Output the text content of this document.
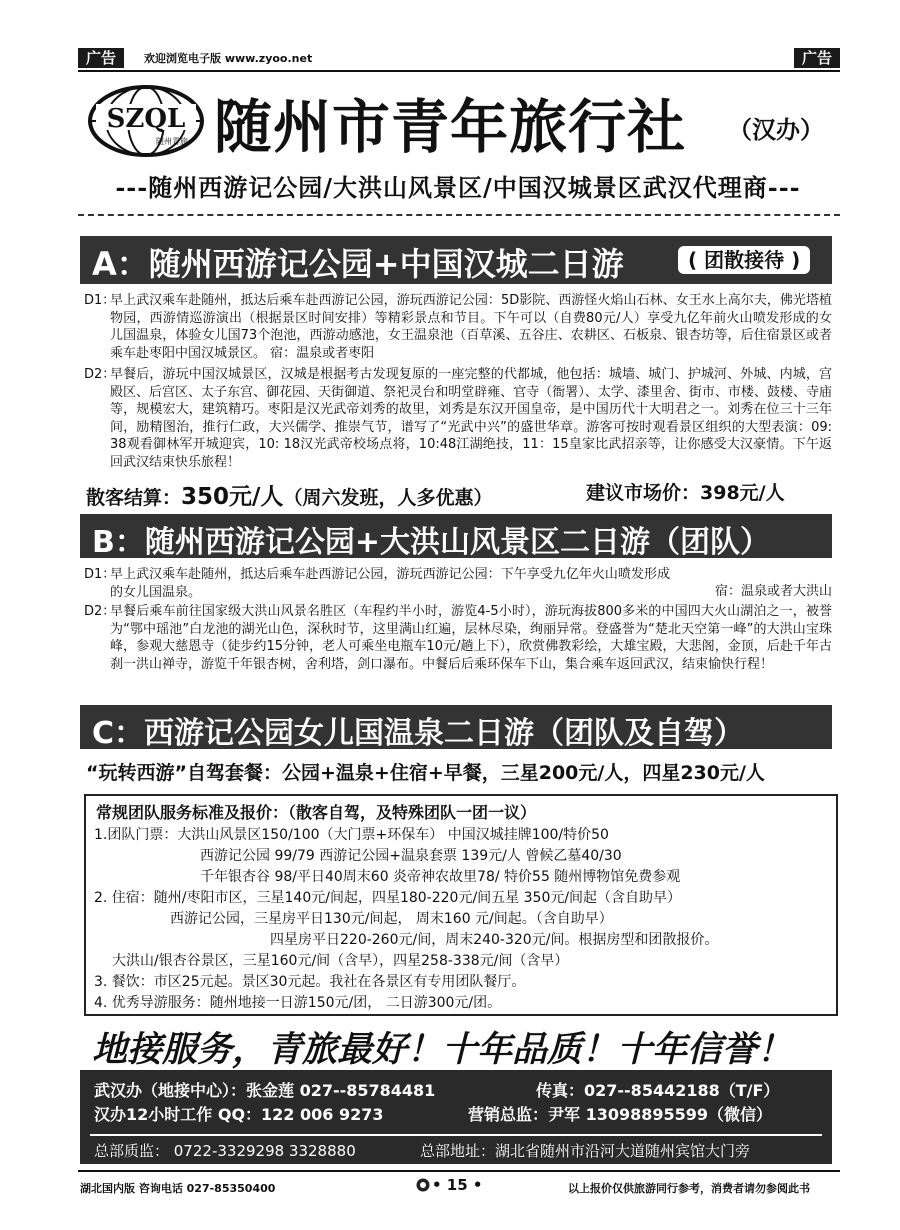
广告	欢迎浏览电子版 www.zyoo.net	广告
SZQL
随州青旅 随州市青年旅行社 （汉办）
---随州西游记公园/大洪山风景区/中国汉城景区武汉代理商---
A：随州西游记公园+中国汉城二日游	( 团散接待 )
D1：
早上武汉乘车赴随州，抵达后乘车赴西游记公园，游玩西游记公园：5D影院、西游怪火焰山石林、女王水上高尔夫，佛光塔植物园，西游情巡游演出（根据景区时间安排）等精彩景点和节目。下午可以（自费80元/人）享受九亿年前火山喷发形成的女儿国温泉，体验女儿国73个泡池，西游动感池，女王温泉池（百草溪、五谷庄、农耕区、石板泉、银杏坊等，后住宿景区或者乘车赴枣阳中国汉城景区。 宿：温泉或者枣阳
D2：
早餐后，游玩中国汉城景区，汉城是根据考古发现复原的一座完整的代都城，他包括：城墙、城门、护城河、外城、内城，宫殿区、后宫区、太子东宫、御花园、天街御道、祭祀灵台和明堂辟雍、官寺（衙署）、太学、漆里舍、街市、市楼、鼓楼、寺庙等，规模宏大，建筑精巧。枣阳是汉光武帝刘秀的故里，刘秀是东汉开国皇帝，是中国历代十大明君之一。刘秀在位三十三年间，励精图治，推行仁政，大兴儒学、推崇气节，谱写了“光武中兴”的盛世华章。游客可按时观看景区组织的大型表演：09: 38观看御林军开城迎宾，10: 18汉光武帝校场点将，10:48江湖绝技，11：15皇家比武招亲等，让你感受大汉豪情。下午返回武汉结束快乐旅程！
散客结算：350元/人（周六发班，人多优惠）	建议市场价：398元/人
B：随州西游记公园+大洪山风景区二日游（团队）
D1：
早上武汉乘车赴随州，抵达后乘车赴西游记公园，游玩西游记公园：下午享受九亿年火山喷发形成的女儿国温泉。	宿：温泉或者大洪山
D2：
早餐后乘车前往国家级大洪山风景名胜区（车程约半小时，游览4-5小时），游玩海拔800多米的中国四大火山湖泊之一，被誉为“鄂中瑶池”白龙池的湖光山色，深秋时节，这里满山红遍，层林尽染，绚丽异常。登盛誉为“楚北天空第一峰”的大洪山宝珠峰，参观大慈恩寺（徒步约15分钟，老人可乘坐电瓶车10元/趟上下），欣赏佛教彩绘，大雄宝殿，大悲阁，金顶，后赴千年古刹一洪山禅寺，游览千年银杏树，舍利塔，剑口瀑布。中餐后后乘环保车下山，集合乘车返回武汉，结束愉快行程！
C：西游记公园女儿国温泉二日游（团队及自驾）
“玩转西游”自驾套餐：公园+温泉+住宿+早餐，三星200元/人，四星230元/人
常规团队服务标准及报价：（散客自驾，及特殊团队一团一议）
1.团队门票：大洪山风景区150/100（大门票+环保车） 中国汉城挂牌100/特价50
西游记公园 99/79 西游记公园+温泉套票 139元/人 曾候乙墓40/30
千年银杏谷 98/平日40周末60 炎帝神农故里78/ 特价55 随州博物馆免费参观
2. 住宿：随州/枣阳市区，三星140元/间起，四星180-220元/间五星 350元/间起（含自助早）
西游记公园，三星房平日130元/间起， 周末160 元/间起。（含自助早）
四星房平日220-260元/间，周末240-320元/间。根据房型和团散报价。
大洪山/银杏谷景区，三星160元/间（含早），四星258-338元/间（含早）
3. 餐饮：市区25元起。景区30元起。我社在各景区有专用团队餐厅。
4. 优秀导游服务：随州地接一日游150元/团， 二日游300元/团。
地接服务，青旅最好！十年品质！十年信誉！
武汉办（地接中心）：张金莲 027--85784481	传真：027--85442188（T/F）
汉办12小时工作 QQ：122 006 9273	营销总监：尹军 13098895599（微信）
总部质监： 0722-3329298 3328880	总部地址：湖北省随州市沿河大道随州宾馆大门旁
湖北国内版 咨询电话 027-85350400	• 15 •	以上报价仅供旅游同行参考，消费者请勿参阅此书
